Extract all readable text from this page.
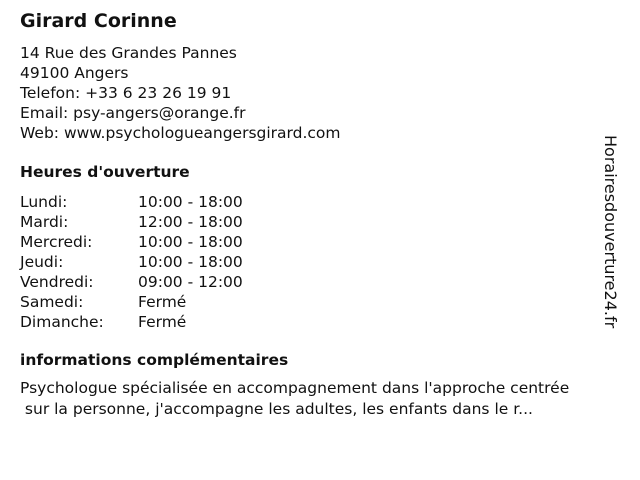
Girard Corinne
14 Rue des Grandes Pannes
49100 Angers
Telefon: +33 6 23 26 19 91
Email: psy-angers@orange.fr
Web: www.psychologueangersgirard.com
Heures d'ouverture
Lundi:	10:00 - 18:00
Mardi:	12:00 - 18:00
Mercredi:	10:00 - 18:00
Jeudi:	10:00 - 18:00
Vendredi:	09:00 - 12:00
Samedi:	Fermé
Dimanche:	Fermé
informations complémentaires
Psychologue spécialisée en accompagnement dans l'approche centrée
sur la personne, j'accompagne les adultes, les enfants dans le r...
Horairesdouverture24.fr
